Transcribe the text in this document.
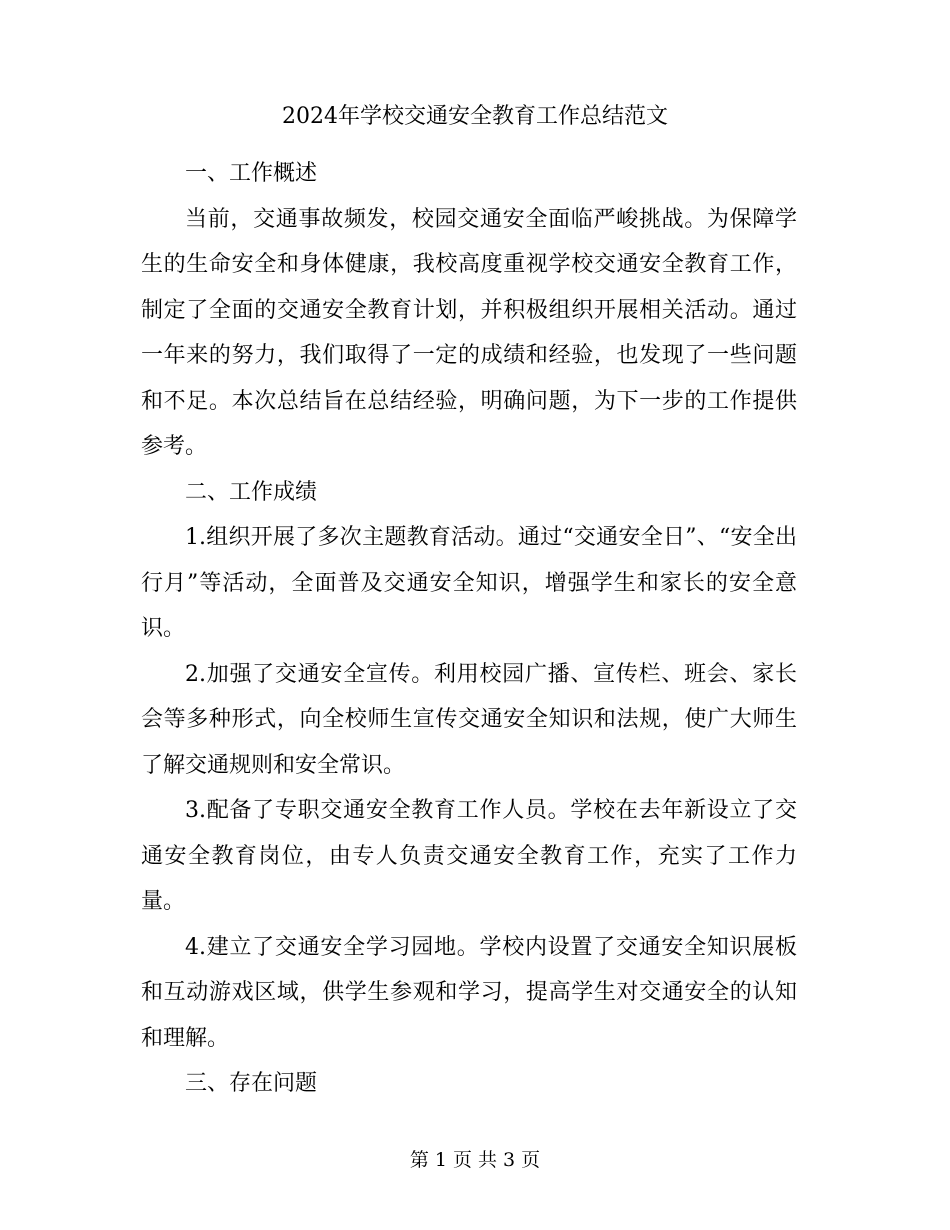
2024年学校交通安全教育工作总结范文

一、工作概述

当前，交通事故频发，校园交通安全面临严峻挑战。为保障学生的生命安全和身体健康，我校高度重视学校交通安全教育工作，制定了全面的交通安全教育计划，并积极组织开展相关活动。通过一年来的努力，我们取得了一定的成绩和经验，也发现了一些问题和不足。本次总结旨在总结经验，明确问题，为下一步的工作提供参考。

二、工作成绩

1.组织开展了多次主题教育活动。通过“交通安全日”、“安全出行月”等活动，全面普及交通安全知识，增强学生和家长的安全意识。

2.加强了交通安全宣传。利用校园广播、宣传栏、班会、家长会等多种形式，向全校师生宣传交通安全知识和法规，使广大师生了解交通规则和安全常识。

3.配备了专职交通安全教育工作人员。学校在去年新设立了交通安全教育岗位，由专人负责交通安全教育工作，充实了工作力量。

4.建立了交通安全学习园地。学校内设置了交通安全知识展板和互动游戏区域，供学生参观和学习，提高学生对交通安全的认知和理解。

三、存在问题

第 1 页 共 3 页
